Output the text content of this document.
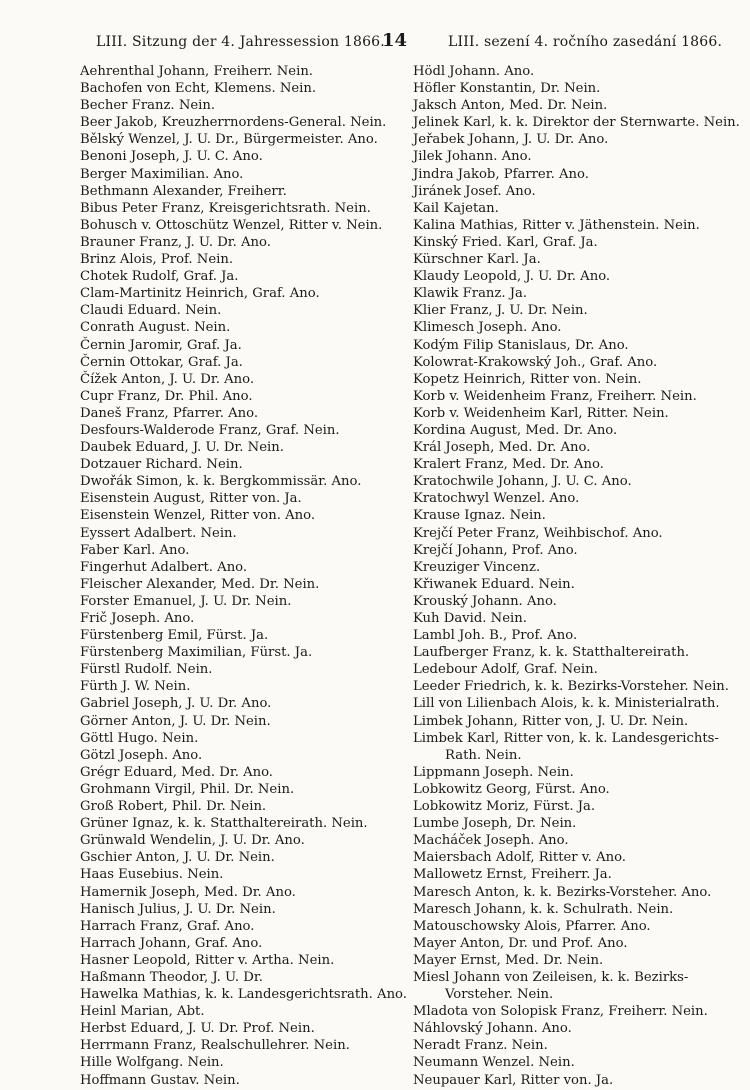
LIII. Sitzung der 4. Jahressession 1866.
14	LIII. sezení 4. ročního zasedání 1866.
Aehrenthal Johann, Freiherr. Nein.
Bachofen von Echt, Klemens. Nein.
Becher Franz. Nein.
Beer Jakob, Kreuzherrnordens-General. Nein.
Bělský Wenzel, J. U. Dr., Bürgermeister. Ano.
Benoni Joseph, J. U. C. Ano.
Berger Maximilian. Ano.
Bethmann Alexander, Freiherr.
Bibus Peter Franz, Kreisgerichtsrath. Nein.
Bohusch v. Ottoschütz Wenzel, Ritter v. Nein.
Brauner Franz, J. U. Dr. Ano.
Brinz Alois, Prof. Nein.
Chotek Rudolf, Graf. Ja.
Clam-Martinitz Heinrich, Graf. Ano.
Claudi Eduard. Nein.
Conrath August. Nein.
Černin Jaromir, Graf. Ja.
Černin Ottokar, Graf. Ja.
Čížek Anton, J. U. Dr. Ano.
Cupr Franz, Dr. Phil. Ano.
Daneš Franz, Pfarrer. Ano.
Desfours-Walderode Franz, Graf. Nein.
Daubek Eduard, J. U. Dr. Nein.
Dotzauer Richard. Nein.
Dwořák Simon, k. k. Bergkommissär. Ano.
Eisenstein August, Ritter von. Ja.
Eisenstein Wenzel, Ritter von. Ano.
Eyssert Adalbert. Nein.
Faber Karl. Ano.
Fingerhut Adalbert. Ano.
Fleischer Alexander, Med. Dr. Nein.
Forster Emanuel, J. U. Dr. Nein.
Frič Joseph. Ano.
Fürstenberg Emil, Fürst. Ja.
Fürstenberg Maximilian, Fürst. Ja.
Fürstl Rudolf. Nein.
Fürth J. W. Nein.
Gabriel Joseph, J. U. Dr. Ano.
Görner Anton, J. U. Dr. Nein.
Göttl Hugo. Nein.
Götzl Joseph. Ano.
Grégr Eduard, Med. Dr. Ano.
Grohmann Virgil, Phil. Dr. Nein.
Groß Robert, Phil. Dr. Nein.
Grüner Ignaz, k. k. Statthaltereirath. Nein.
Grünwald Wendelin, J. U. Dr. Ano.
Gschier Anton, J. U. Dr. Nein.
Haas Eusebius. Nein.
Hamernik Joseph, Med. Dr. Ano.
Hanisch Julius, J. U. Dr. Nein.
Harrach Franz, Graf. Ano.
Harrach Johann, Graf. Ano.
Hasner Leopold, Ritter v. Artha. Nein.
Haßmann Theodor, J. U. Dr.
Hawelka Mathias, k. k. Landesgerichtsrath. Ano.
Heinl Marian, Abt.
Herbst Eduard, J. U. Dr. Prof. Nein.
Herrmann Franz, Realschullehrer. Nein.
Hille Wolfgang. Nein.
Hoffmann Gustav. Nein.
Hödl Johann. Ano.
Höfler Konstantin, Dr. Nein.
Jaksch Anton, Med. Dr. Nein.
Jelinek Karl, k. k. Direktor der Sternwarte. Nein.
Jeřabek Johann, J. U. Dr. Ano.
Jilek Johann. Ano.
Jindra Jakob, Pfarrer. Ano.
Jiránek Josef. Ano.
Kail Kajetan.
Kalina Mathias, Ritter v. Jäthenstein. Nein.
Kinský Fried. Karl, Graf. Ja.
Kürschner Karl. Ja.
Klaudy Leopold, J. U. Dr. Ano.
Klawik Franz. Ja.
Klier Franz, J. U. Dr. Nein.
Klimesch Joseph. Ano.
Kodým Filip Stanislaus, Dr. Ano.
Kolowrat-Krakowský Joh., Graf. Ano.
Kopetz Heinrich, Ritter von. Nein.
Korb v. Weidenheim Franz, Freiherr. Nein.
Korb v. Weidenheim Karl, Ritter. Nein.
Kordina August, Med. Dr. Ano.
Král Joseph, Med. Dr. Ano.
Kralert Franz, Med. Dr. Ano.
Kratochwile Johann, J. U. C. Ano.
Kratochwyl Wenzel. Ano.
Krause Ignaz. Nein.
Krejčí Peter Franz, Weihbischof. Ano.
Krejčí Johann, Prof. Ano.
Kreuziger Vincenz.
Křiwanek Eduard. Nein.
Krouský Johann. Ano.
Kuh David. Nein.
Lambl Joh. B., Prof. Ano.
Laufberger Franz, k. k. Statthaltereirath.
Ledebour Adolf, Graf. Nein.
Leeder Friedrich, k. k. Bezirks-Vorsteher. Nein.
Lill von Lilienbach Alois, k. k. Ministerialrath.
Limbek Johann, Ritter von, J. U. Dr. Nein.
Limbek Karl, Ritter von, k. k. Landesgerichts-
Rath. Nein.
Lippmann Joseph. Nein.
Lobkowitz Georg, Fürst. Ano.
Lobkowitz Moriz, Fürst. Ja.
Lumbe Joseph, Dr. Nein.
Macháček Joseph. Ano.
Maiersbach Adolf, Ritter v. Ano.
Mallowetz Ernst, Freiherr. Ja.
Maresch Anton, k. k. Bezirks-Vorsteher. Ano.
Maresch Johann, k. k. Schulrath. Nein.
Matouschowsky Alois, Pfarrer. Ano.
Mayer Anton, Dr. und Prof. Ano.
Mayer Ernst, Med. Dr. Nein.
Miesl Johann von Zeileisen, k. k. Bezirks-
Vorsteher. Nein.
Mladota von Solopisk Franz, Freiherr. Nein.
Náhlovský Johann. Ano.
Neradt Franz. Nein.
Neumann Wenzel. Nein.
Neupauer Karl, Ritter von. Ja.
